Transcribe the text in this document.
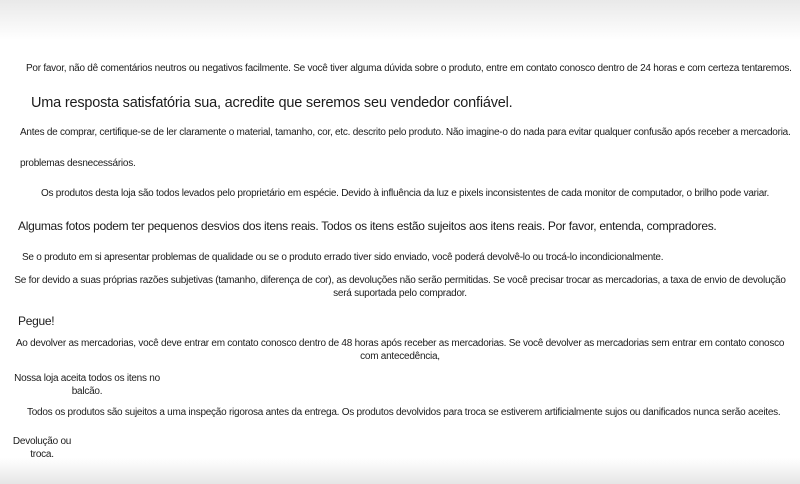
Por favor, não dê comentários neutros ou negativos facilmente. Se você tiver alguma dúvida sobre o produto, entre em contato conosco dentro de 24 horas e com certeza tentaremos.

Uma resposta satisfatória sua, acredite que seremos seu vendedor confiável.

Antes de comprar, certifique-se de ler claramente o material, tamanho, cor, etc. descrito pelo produto. Não imagine-o do nada para evitar qualquer confusão após receber a mercadoria.

problemas desnecessários.

Os produtos desta loja são todos levados pelo proprietário em espécie. Devido à influência da luz e pixels inconsistentes de cada monitor de computador, o brilho pode variar.

Algumas fotos podem ter pequenos desvios dos itens reais. Todos os itens estão sujeitos aos itens reais. Por favor, entenda, compradores.

Se o produto em si apresentar problemas de qualidade ou se o produto errado tiver sido enviado, você poderá devolvê-lo ou trocá-lo incondicionalmente.

Se for devido a suas próprias razões subjetivas (tamanho, diferença de cor), as devoluções não serão permitidas. Se você precisar trocar as mercadorias, a taxa de envio de devolução será suportada pelo comprador.

Pegue!

Ao devolver as mercadorias, você deve entrar em contato conosco dentro de 48 horas após receber as mercadorias. Se você devolver as mercadorias sem entrar em contato conosco com antecedência,

Nossa loja aceita todos os itens no balcão.

Todos os produtos são sujeitos a uma inspeção rigorosa antes da entrega. Os produtos devolvidos para troca se estiverem artificialmente sujos ou danificados nunca serão aceites.

Devolução ou troca.
